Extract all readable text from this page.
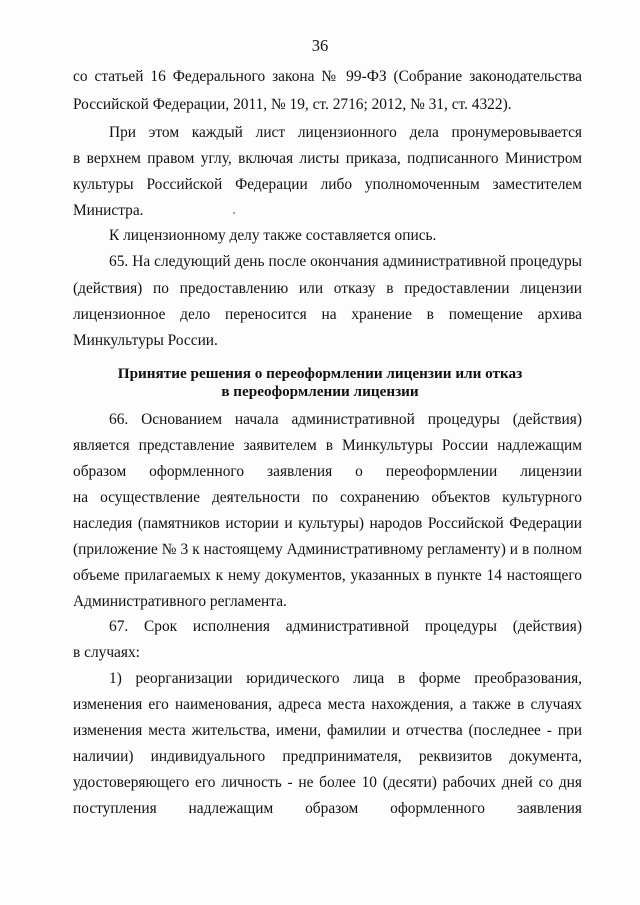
36
со статьей 16 Федерального закона № 99-ФЗ (Собрание законодательства
Российской Федерации, 2011, № 19, ст. 2716; 2012, № 31, ст. 4322).
При этом каждый лист лицензионного дела пронумеровывается
в верхнем правом углу, включая листы приказа, подписанного Министром
культуры Российской Федерации либо уполномоченным заместителем
Министра.
К лицензионному делу также составляется опись.
65. На следующий день после окончания административной процедуры
(действия) по предоставлению или отказу в предоставлении лицензии
лицензионное дело переносится на хранение в помещение архива
Минкультуры России.
Принятие решения о переоформлении лицензии или отказ
в переоформлении лицензии
66. Основанием начала административной процедуры (действия)
является представление заявителем в Минкультуры России надлежащим
образом оформленного заявления о переоформлении лицензии
на осуществление деятельности по сохранению объектов культурного
наследия (памятников истории и культуры) народов Российской Федерации
(приложение № 3 к настоящему Административному регламенту) и в полном
объеме прилагаемых к нему документов, указанных в пункте 14 настоящего
Административного регламента.
67. Срок исполнения административной процедуры (действия)
в случаях:
1) реорганизации юридического лица в форме преобразования,
изменения его наименования, адреса места нахождения, а также в случаях
изменения места жительства, имени, фамилии и отчества (последнее - при
наличии) индивидуального предпринимателя, реквизитов документа,
удостоверяющего его личность - не более 10 (десяти) рабочих дней со дня
поступления надлежащим образом оформленного заявления
